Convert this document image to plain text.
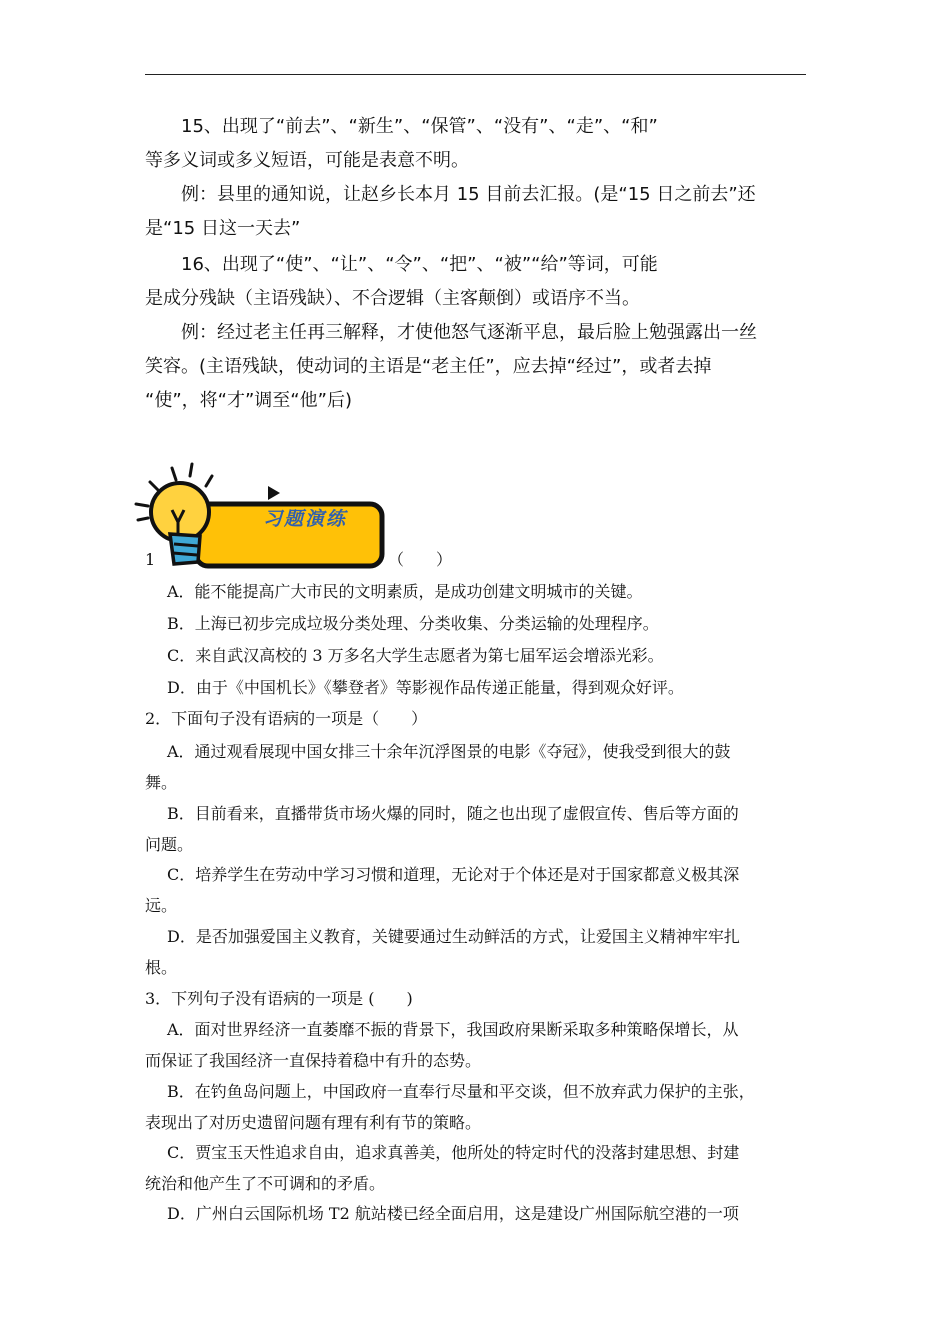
15、出现了“前去”、“新生”、“保管”、“没有”、“走”、“和”

等多义词或多义短语，可能是表意不明。

例：县里的通知说，让赵乡长本月 15 目前去汇报。(是“15 日之前去”还

是“15 日这一天去”

16、出现了“使”、“让”、“令”、“把”、“被”“给”等词，可能

是成分残缺（主语残缺）、不合逻辑（主客颠倒）或语序不当。

例：经过老主任再三解释，才使他怒气逐渐平息，最后脸上勉强露出一丝

笑容。(主语残缺，使动词的主语是“老主任”，应去掉“经过”，或者去掉

“使”，将“才”调至“他”后)

1	（　　）

习题演练

A．能不能提高广大市民的文明素质，是成功创建文明城市的关键。

B．上海已初步完成垃圾分类处理、分类收集、分类运输的处理程序。

C．来自武汉高校的 3 万多名大学生志愿者为第七届军运会增添光彩。

D．由于《中国机长》《攀登者》等影视作品传递正能量，得到观众好评。

2．下面句子没有语病的一项是（　　）

A．通过观看展现中国女排三十余年沉浮图景的电影《夺冠》，使我受到很大的鼓

舞。

B．目前看来，直播带货市场火爆的同时，随之也出现了虚假宣传、售后等方面的

问题。

C．培养学生在劳动中学习习惯和道理，无论对于个体还是对于国家都意义极其深

远。

D．是否加强爱国主义教育，关键要通过生动鲜活的方式，让爱国主义精神牢牢扎

根。

3．下列句子没有语病的一项是 (　　)

A．面对世界经济一直萎靡不振的背景下，我国政府果断采取多种策略保增长，从

而保证了我国经济一直保持着稳中有升的态势。

B．在钓鱼岛问题上，中国政府一直奉行尽量和平交谈，但不放弃武力保护的主张，

表现出了对历史遗留问题有理有利有节的策略。

C．贾宝玉天性追求自由，追求真善美，他所处的特定时代的没落封建思想、封建

统治和他产生了不可调和的矛盾。

D．广州白云国际机场 T2 航站楼已经全面启用，这是建设广州国际航空港的一项
